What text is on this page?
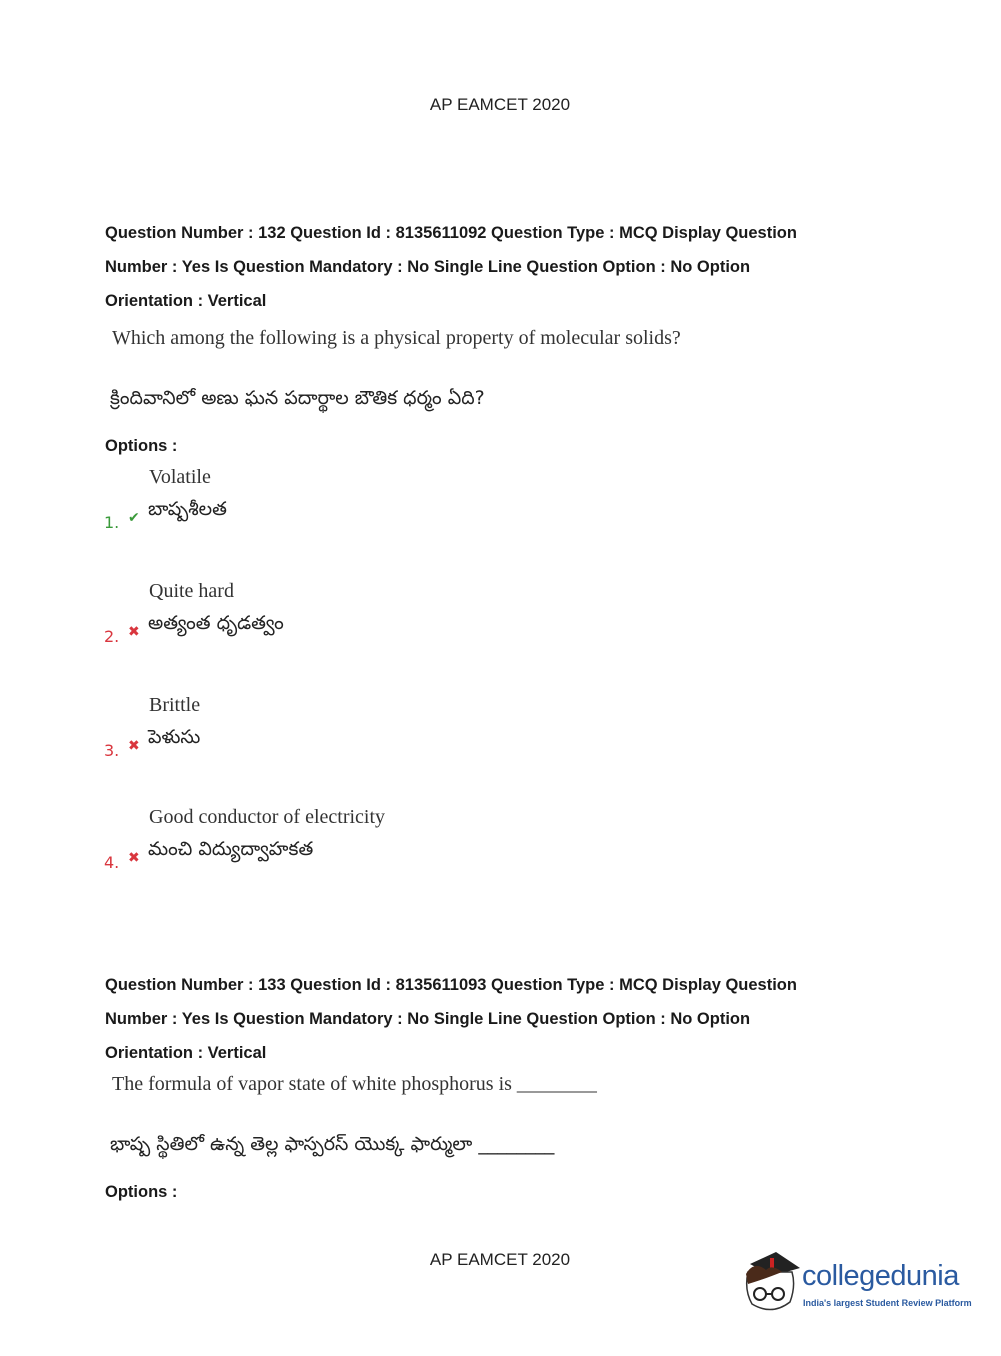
AP EAMCET 2020
Question Number : 132 Question Id : 8135611092 Question Type : MCQ Display Question
Number : Yes Is Question Mandatory : No Single Line Question Option : No Option
Orientation : Vertical
Which among the following is a physical property of molecular solids?
క్రిందివానిలో అణు ఘన పదార్థాల బౌతిక ధర్మం ఏది?
Options :
1. ✔
Volatile
బాష్పశీలత
2. ✖
Quite hard
అత్యంత ధృడత్వం
3. ✖
Brittle
పెళుసు
4. ✖
Good conductor of electricity
మంచి విద్యుద్వాహకత
Question Number : 133 Question Id : 8135611093 Question Type : MCQ Display Question
Number : Yes Is Question Mandatory : No Single Line Question Option : No Option
Orientation : Vertical
The formula of vapor state of white phosphorus is ________
భాష్ప స్థితిలో ఉన్న తెల్ల ఫాస్పరస్ యొక్క ఫార్ములా ________
Options :
AP EAMCET 2020
collegedunia
India's largest Student Review Platform
